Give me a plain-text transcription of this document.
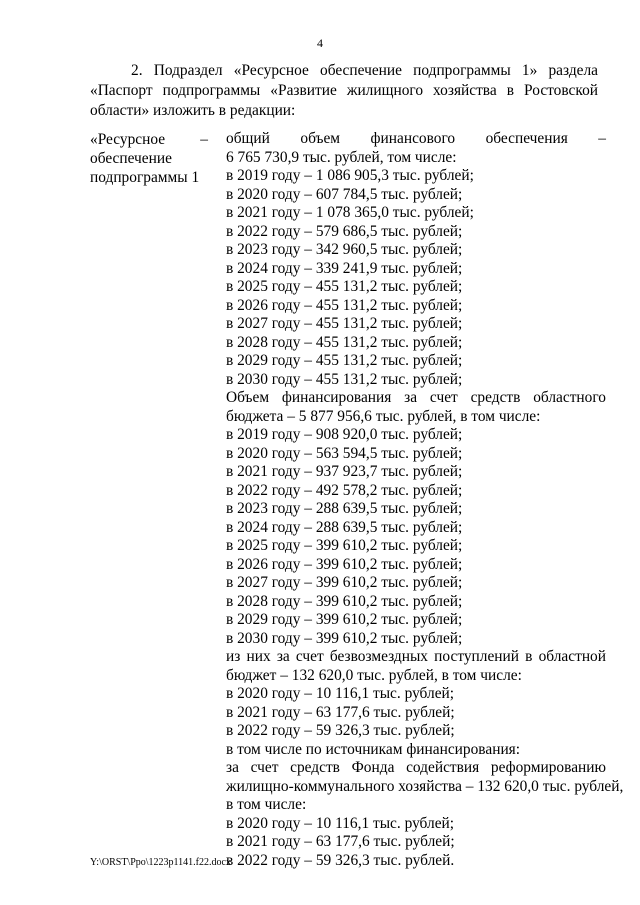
4
2. Подраздел «Ресурсное обеспечение подпрограммы 1» раздела
«Паспорт подпрограммы «Развитие жилищного хозяйства в Ростовской
области» изложить в редакции:
«Ресурсное –
обеспечение
подпрограммы 1
общий объем финансового обеспечения –
6 765 730,9 тыс. рублей, том числе:
в 2019 году – 1 086 905,3 тыс. рублей;
в 2020 году – 607 784,5 тыс. рублей;
в 2021 году – 1 078 365,0 тыс. рублей;
в 2022 году – 579 686,5 тыс. рублей;
в 2023 году – 342 960,5 тыс. рублей;
в 2024 году – 339 241,9 тыс. рублей;
в 2025 году – 455 131,2 тыс. рублей;
в 2026 году – 455 131,2 тыс. рублей;
в 2027 году – 455 131,2 тыс. рублей;
в 2028 году – 455 131,2 тыс. рублей;
в 2029 году – 455 131,2 тыс. рублей;
в 2030 году – 455 131,2 тыс. рублей;
Объем финансирования за счет средств областного
бюджета – 5 877 956,6 тыс. рублей, в том числе:
в 2019 году – 908 920,0 тыс. рублей;
в 2020 году – 563 594,5 тыс. рублей;
в 2021 году – 937 923,7 тыс. рублей;
в 2022 году – 492 578,2 тыс. рублей;
в 2023 году – 288 639,5 тыс. рублей;
в 2024 году – 288 639,5 тыс. рублей;
в 2025 году – 399 610,2 тыс. рублей;
в 2026 году – 399 610,2 тыс. рублей;
в 2027 году – 399 610,2 тыс. рублей;
в 2028 году – 399 610,2 тыс. рублей;
в 2029 году – 399 610,2 тыс. рублей;
в 2030 году – 399 610,2 тыс. рублей;
из них за счет безвозмездных поступлений в областной
бюджет – 132 620,0 тыс. рублей, в том числе:
в 2020 году – 10 116,1 тыс. рублей;
в 2021 году – 63 177,6 тыс. рублей;
в 2022 году – 59 326,3 тыс. рублей;
в том числе по источникам финансирования:
за счет средств Фонда содействия реформированию
жилищно-коммунального хозяйства – 132 620,0 тыс. рублей,
в том числе:
в 2020 году – 10 116,1 тыс. рублей;
в 2021 году – 63 177,6 тыс. рублей;
в 2022 году – 59 326,3 тыс. рублей.
Y:\ORST\Ppo\1223p1141.f22.docx
